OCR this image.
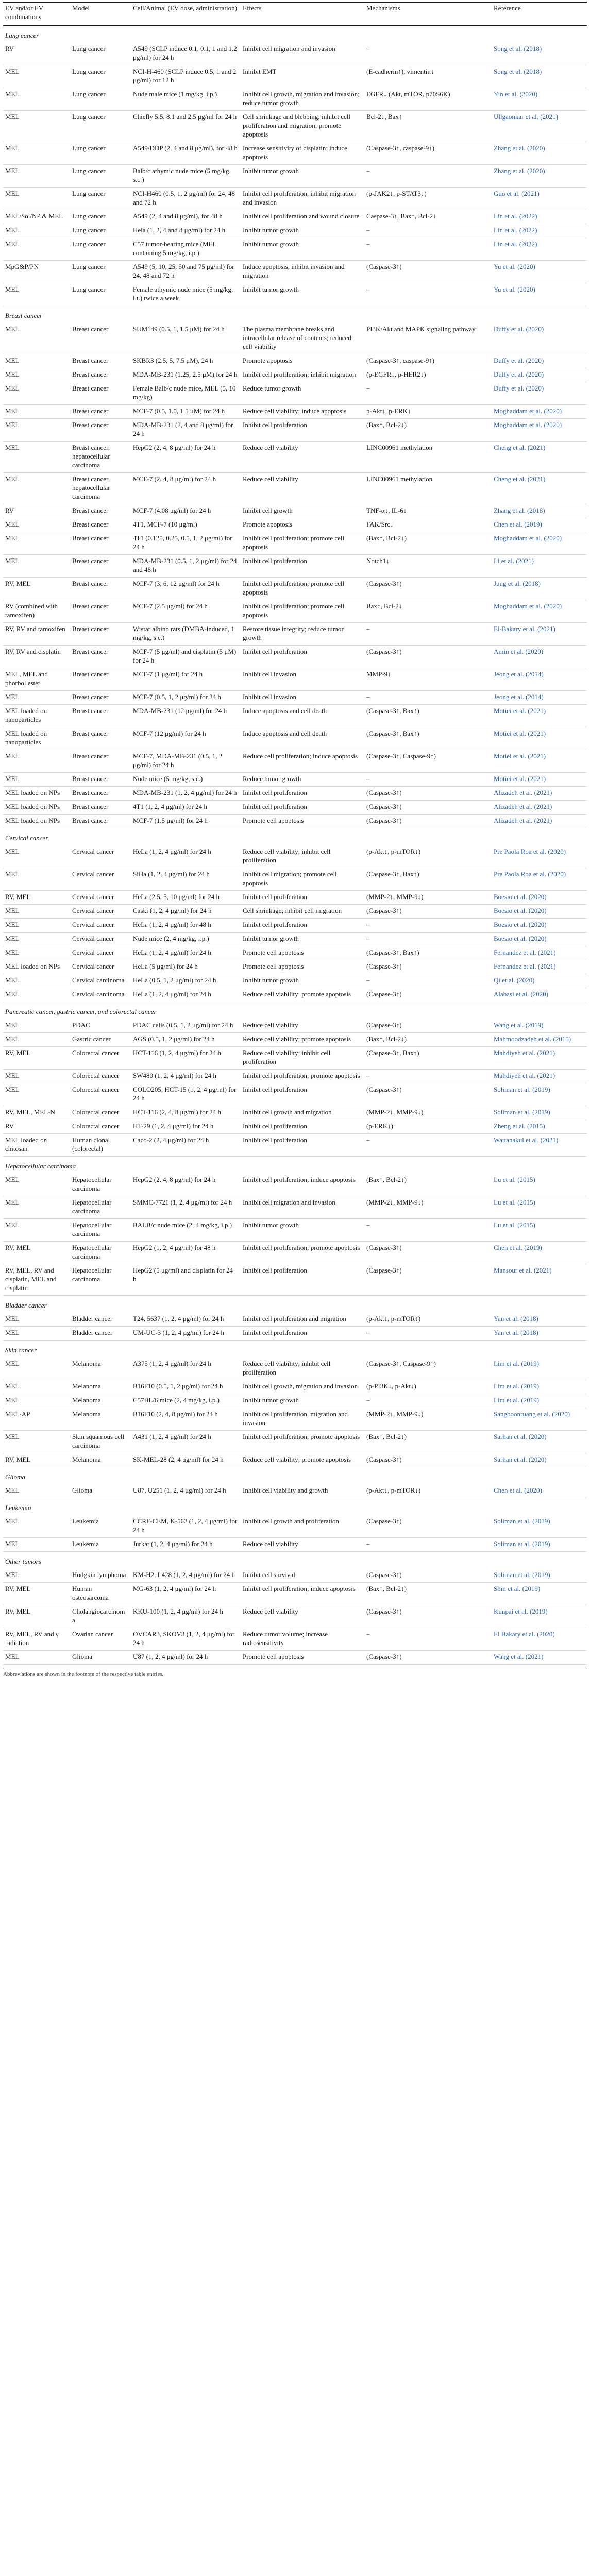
EV and/or EV combinations	Model	Cell/Animal (EV dose, administration)	Effects	Mechanisms	Reference
Lung cancer					
RV	Lung cancer	A549 (SCLP induce 0.1, 0.1, 1 and 1.2 μg/ml) for 24 h	Inhibit cell migration and invasion	–	Song et al. (2018)
MEL	Lung cancer	NCI-H-460 (SCLP induce 0.5, 1 and 2 μg/ml) for 12 h	Inhibit EMT	(E-cadherin↑), vimentin↓	Song et al. (2018)
MEL	Lung cancer	Nude male mice (1 mg/kg, i.p.)	Inhibit cell growth, migration and invasion; reduce tumor growth	EGFR↓ (Akt, mTOR, p70S6K)	Yin et al. (2020)
MEL	Lung cancer	Chiefly 5.5, 8.1 and 2.5 μg/ml for 24 h	Cell shrinkage and blebbing; inhibit cell proliferation and migration; promote apoptosis	Bcl-2↓, Bax↑	Ullgaonkar et al. (2021)
MEL	Lung cancer	A549/DDP (2, 4 and 8 μg/ml), for 48 h	Increase sensitivity of cisplatin; induce apoptosis	(Caspase-3↑, caspase-9↑)	Zhang et al. (2020)
MEL	Lung cancer	Balb/c athymic nude mice (5 mg/kg, s.c.)	Inhibit tumor growth	–	Zhang et al. (2020)
MEL	Lung cancer	NCI-H460 (0.5, 1, 2 μg/ml) for 24, 48 and 72 h	Inhibit cell proliferation, inhibit migration and invasion	(p-JAK2↓, p-STAT3↓)	Guo et al. (2021)
MEL/Sol/NP & MEL	Lung cancer	A549 (2, 4 and 8 μg/ml), for 48 h	Inhibit cell proliferation and wound closure	Caspase-3↑, Bax↑, Bcl-2↓	Lin et al. (2022)
MEL	Lung cancer	Hela (1, 2, 4 and 8 μg/ml) for 24 h	Inhibit tumor growth	–	Lin et al. (2022)
MEL	Lung cancer	C57 tumor-bearing mice (MEL containing 5 mg/kg, i.p.)	Inhibit tumor growth	–	Lin et al. (2022)
MpG&P/PN	Lung cancer	A549 (5, 10, 25, 50 and 75 μg/ml) for 24, 48 and 72 h	Induce apoptosis, inhibit invasion and migration	(Caspase-3↑)	Yu et al. (2020)
MEL	Lung cancer	Female athymic nude mice (5 mg/kg, i.t.) twice a week	Inhibit tumor growth	–	Yu et al. (2020)
Breast cancer					
MEL	Breast cancer	SUM149 (0.5, 1, 1.5 μM) for 24 h	The plasma membrane breaks and intracellular release of contents; reduced cell viability	PI3K/Akt and MAPK signaling pathway	Duffy et al. (2020)
MEL	Breast cancer	SKBR3 (2.5, 5, 7.5 μM), 24 h	Promote apoptosis	(Caspase-3↑, caspase-9↑)	Duffy et al. (2020)
MEL	Breast cancer	MDA-MB-231 (1.25, 2.5 μM) for 24 h	Inhibit cell proliferation; inhibit migration	(p-EGFR↓, p-HER2↓)	Duffy et al. (2020)
MEL	Breast cancer	Female Balb/c nude mice, MEL (5, 10 mg/kg)	Reduce tumor growth	–	Duffy et al. (2020)
MEL	Breast cancer	MCF-7 (0.5, 1.0, 1.5 μM) for 24 h	Reduce cell viability; induce apoptosis	p-Akt↓, p-ERK↓	Moghaddam et al. (2020)
MEL	Breast cancer	MDA-MB-231 (2, 4 and 8 μg/ml) for 24 h	Inhibit cell proliferation	(Bax↑, Bcl-2↓)	Moghaddam et al. (2020)
MEL	Breast cancer, hepatocellular carcinoma	HepG2 (2, 4, 8 μg/ml) for 24 h	Reduce cell viability	LINC00961 methylation	Cheng et al. (2021)
MEL	Breast cancer, hepatocellular carcinoma	MCF-7 (2, 4, 8 μg/ml) for 24 h	Reduce cell viability	LINC00961 methylation	Cheng et al. (2021)
RV	Breast cancer	MCF-7 (4.08 μg/ml) for 24 h	Inhibit cell growth	TNF-α↓, IL-6↓	Zhang et al. (2018)
MEL	Breast cancer	4T1, MCF-7 (10 μg/ml)	Promote apoptosis	FAK/Src↓	Chen et al. (2019)
MEL	Breast cancer	4T1 (0.125, 0.25, 0.5, 1, 2 μg/ml) for 24 h	Inhibit cell proliferation; promote cell apoptosis	(Bax↑, Bcl-2↓)	Moghaddam et al. (2020)
MEL	Breast cancer	MDA-MB-231 (0.5, 1, 2 μg/ml) for 24 and 48 h	Inhibit cell proliferation	Notch1↓	Li et al. (2021)
RV, MEL	Breast cancer	MCF-7 (3, 6, 12 μg/ml) for 24 h	Inhibit cell proliferation; promote cell apoptosis	(Caspase-3↑)	Jung et al. (2018)
RV (combined with tamoxifen)	Breast cancer	MCF-7 (2.5 μg/ml) for 24 h	Inhibit cell proliferation; promote cell apoptosis	Bax↑, Bcl-2↓	Moghaddam et al. (2020)
RV, RV and tamoxifen	Breast cancer	Wistar albino rats (DMBA-induced, 1 mg/kg, s.c.)	Restore tissue integrity; reduce tumor growth	–	El-Bakary et al. (2021)
RV, RV and cisplatin	Breast cancer	MCF-7 (5 μg/ml) and cisplatin (5 μM) for 24 h	Inhibit cell proliferation	(Caspase-3↑)	Amin et al. (2020)
MEL, MEL and phorbol ester	Breast cancer	MCF-7 (1 μg/ml) for 24 h	Inhibit cell invasion	MMP-9↓	Jeong et al. (2014)
MEL	Breast cancer	MCF-7 (0.5, 1, 2 μg/ml) for 24 h	Inhibit cell invasion	–	Jeong et al. (2014)
MEL loaded on nanoparticles	Breast cancer	MDA-MB-231 (12 μg/ml) for 24 h	Induce apoptosis and cell death	(Caspase-3↑, Bax↑)	Motiei et al. (2021)
MEL loaded on nanoparticles	Breast cancer	MCF-7 (12 μg/ml) for 24 h	Induce apoptosis and cell death	(Caspase-3↑, Bax↑)	Motiei et al. (2021)
MEL	Breast cancer	MCF-7, MDA-MB-231 (0.5, 1, 2 μg/ml) for 24 h	Reduce cell proliferation; induce apoptosis	(Caspase-3↑, Caspase-9↑)	Motiei et al. (2021)
MEL	Breast cancer	Nude mice (5 mg/kg, s.c.)	Reduce tumor growth	–	Motiei et al. (2021)
MEL loaded on NPs	Breast cancer	MDA-MB-231 (1, 2, 4 μg/ml) for 24 h	Inhibit cell proliferation	(Caspase-3↑)	Alizadeh et al. (2021)
MEL loaded on NPs	Breast cancer	4T1 (1, 2, 4 μg/ml) for 24 h	Inhibit cell proliferation	(Caspase-3↑)	Alizadeh et al. (2021)
MEL loaded on NPs	Breast cancer	MCF-7 (1.5 μg/ml) for 24 h	Promote cell apoptosis	(Caspase-3↑)	Alizadeh et al. (2021)
Cervical cancer					
MEL	Cervical cancer	HeLa (1, 2, 4 μg/ml) for 24 h	Reduce cell viability; inhibit cell proliferation	(p-Akt↓, p-mTOR↓)	Pre Paola Roa et al. (2020)
MEL	Cervical cancer	SiHa (1, 2, 4 μg/ml) for 24 h	Inhibit cell migration; promote cell apoptosis	(Caspase-3↑, Bax↑)	Pre Paola Roa et al. (2020)
RV, MEL	Cervical cancer	HeLa (2.5, 5, 10 μg/ml) for 24 h	Inhibit cell proliferation	(MMP-2↓, MMP-9↓)	Boesio et al. (2020)
MEL	Cervical cancer	Caski (1, 2, 4 μg/ml) for 24 h	Cell shrinkage; inhibit cell migration	(Caspase-3↑)	Boesio et al. (2020)
MEL	Cervical cancer	HeLa (1, 2, 4 μg/ml) for 48 h	Inhibit cell proliferation	–	Boesio et al. (2020)
MEL	Cervical cancer	Nude mice (2, 4 mg/kg, i.p.)	Inhibit tumor growth	–	Boesio et al. (2020)
MEL	Cervical cancer	HeLa (1, 2, 4 μg/ml) for 24 h	Promote cell apoptosis	(Caspase-3↑, Bax↑)	Fernandez et al. (2021)
MEL loaded on NPs	Cervical cancer	HeLa (5 μg/ml) for 24 h	Promote cell apoptosis	(Caspase-3↑)	Fernandez et al. (2021)
MEL	Cervical carcinoma	HeLa (0.5, 1, 2 μg/ml) for 24 h	Inhibit tumor growth	–	Qi et al. (2020)
MEL	Cervical carcinoma	HeLa (1, 2, 4 μg/ml) for 24 h	Reduce cell viability; promote apoptosis	(Caspase-3↑)	Alabasi et al. (2020)
Pancreatic cancer, gastric cancer, and colorectal cancer					
MEL	PDAC	PDAC cells (0.5, 1, 2 μg/ml) for 24 h	Reduce cell viability	(Caspase-3↑)	Wang et al. (2019)
MEL	Gastric cancer	AGS (0.5, 1, 2 μg/ml) for 24 h	Reduce cell viability; promote apoptosis	(Bax↑, Bcl-2↓)	Mahmoodzadeh et al. (2015)
RV, MEL	Colorectal cancer	HCT-116 (1, 2, 4 μg/ml) for 24 h	Reduce cell viability; inhibit cell proliferation	(Caspase-3↑, Bax↑)	Mahdiyeh et al. (2021)
MEL	Colorectal cancer	SW480 (1, 2, 4 μg/ml) for 24 h	Inhibit cell proliferation; promote apoptosis	–	Mahdiyeh et al. (2021)
MEL	Colorectal cancer	COLO205, HCT-15 (1, 2, 4 μg/ml) for 24 h	Inhibit cell proliferation	(Caspase-3↑)	Soliman et al. (2019)
RV, MEL, MEL-N	Colorectal cancer	HCT-116 (2, 4, 8 μg/ml) for 24 h	Inhibit cell growth and migration	(MMP-2↓, MMP-9↓)	Soliman et al. (2019)
RV	Colorectal cancer	HT-29 (1, 2, 4 μg/ml) for 24 h	Inhibit cell proliferation	(p-ERK↓)	Zheng et al. (2015)
MEL loaded on chitosan	Human clonal (colorectal)	Caco-2 (2, 4 μg/ml) for 24 h	Inhibit cell proliferation	–	Wattanakul et al. (2021)
Hepatocellular carcinoma					
MEL	Hepatocellular carcinoma	HepG2 (2, 4, 8 μg/ml) for 24 h	Inhibit cell proliferation; induce apoptosis	(Bax↑, Bcl-2↓)	Lu et al. (2015)
MEL	Hepatocellular carcinoma	SMMC-7721 (1, 2, 4 μg/ml) for 24 h	Inhibit cell migration and invasion	(MMP-2↓, MMP-9↓)	Lu et al. (2015)
MEL	Hepatocellular carcinoma	BALB/c nude mice (2, 4 mg/kg, i.p.)	Inhibit tumor growth	–	Lu et al. (2015)
RV, MEL	Hepatocellular carcinoma	HepG2 (1, 2, 4 μg/ml) for 48 h	Inhibit cell proliferation; promote apoptosis	(Caspase-3↑)	Chen et al. (2019)
RV, MEL, RV and cisplatin, MEL and cisplatin	Hepatocellular carcinoma	HepG2 (5 μg/ml) and cisplatin for 24 h	Inhibit cell proliferation	(Caspase-3↑)	Mansour et al. (2021)
Bladder cancer					
MEL	Bladder cancer	T24, 5637 (1, 2, 4 μg/ml) for 24 h	Inhibit cell proliferation and migration	(p-Akt↓, p-mTOR↓)	Yan et al. (2018)
MEL	Bladder cancer	UM-UC-3 (1, 2, 4 μg/ml) for 24 h	Inhibit cell proliferation	–	Yan et al. (2018)
Skin cancer					
MEL	Melanoma	A375 (1, 2, 4 μg/ml) for 24 h	Reduce cell viability; inhibit cell proliferation	(Caspase-3↑, Caspase-9↑)	Lim et al. (2019)
MEL	Melanoma	B16F10 (0.5, 1, 2 μg/ml) for 24 h	Inhibit cell growth, migration and invasion	(p-PI3K↓, p-Akt↓)	Lim et al. (2019)
MEL	Melanoma	C57BL/6 mice (2, 4 mg/kg, i.p.)	Inhibit tumor growth	–	Lim et al. (2019)
MEL-AP	Melanoma	B16F10 (2, 4, 8 μg/ml) for 24 h	Inhibit cell proliferation, migration and invasion	(MMP-2↓, MMP-9↓)	Sangboonruang et al. (2020)
MEL	Skin squamous cell carcinoma	A431 (1, 2, 4 μg/ml) for 24 h	Inhibit cell proliferation, promote apoptosis	(Bax↑, Bcl-2↓)	Sarhan et al. (2020)
RV, MEL	Melanoma	SK-MEL-28 (2, 4 μg/ml) for 24 h	Reduce cell viability; promote apoptosis	(Caspase-3↑)	Sarhan et al. (2020)
Glioma					
MEL	Glioma	U87, U251 (1, 2, 4 μg/ml) for 24 h	Inhibit cell viability and growth	(p-Akt↓, p-mTOR↓)	Chen et al. (2020)
Leukemia					
MEL	Leukemia	CCRF-CEM, K-562 (1, 2, 4 μg/ml) for 24 h	Inhibit cell growth and proliferation	(Caspase-3↑)	Soliman et al. (2019)
MEL	Leukemia	Jurkat (1, 2, 4 μg/ml) for 24 h	Reduce cell viability	–	Soliman et al. (2019)
Other tumors					
MEL	Hodgkin lymphoma	KM-H2, L428 (1, 2, 4 μg/ml) for 24 h	Inhibit cell survival	(Caspase-3↑)	Soliman et al. (2019)
RV, MEL	Human osteosarcoma	MG-63 (1, 2, 4 μg/ml) for 24 h	Inhibit cell proliferation; induce apoptosis	(Bax↑, Bcl-2↓)	Shin et al. (2019)
RV, MEL	Cholangiocarcinoma	KKU-100 (1, 2, 4 μg/ml) for 24 h	Reduce cell viability	(Caspase-3↑)	Kunpai et al. (2019)
RV, MEL, RV and γ radiation	Ovarian cancer	OVCAR3, SKOV3 (1, 2, 4 μg/ml) for 24 h	Reduce tumor volume; increase radiosensitivity	–	El Bakary et al. (2020)
MEL	Glioma	U87 (1, 2, 4 μg/ml) for 24 h	Promote cell apoptosis	(Caspase-3↑)	Wang et al. (2021)
Abbreviations are shown in the footnote of the respective table entries.
